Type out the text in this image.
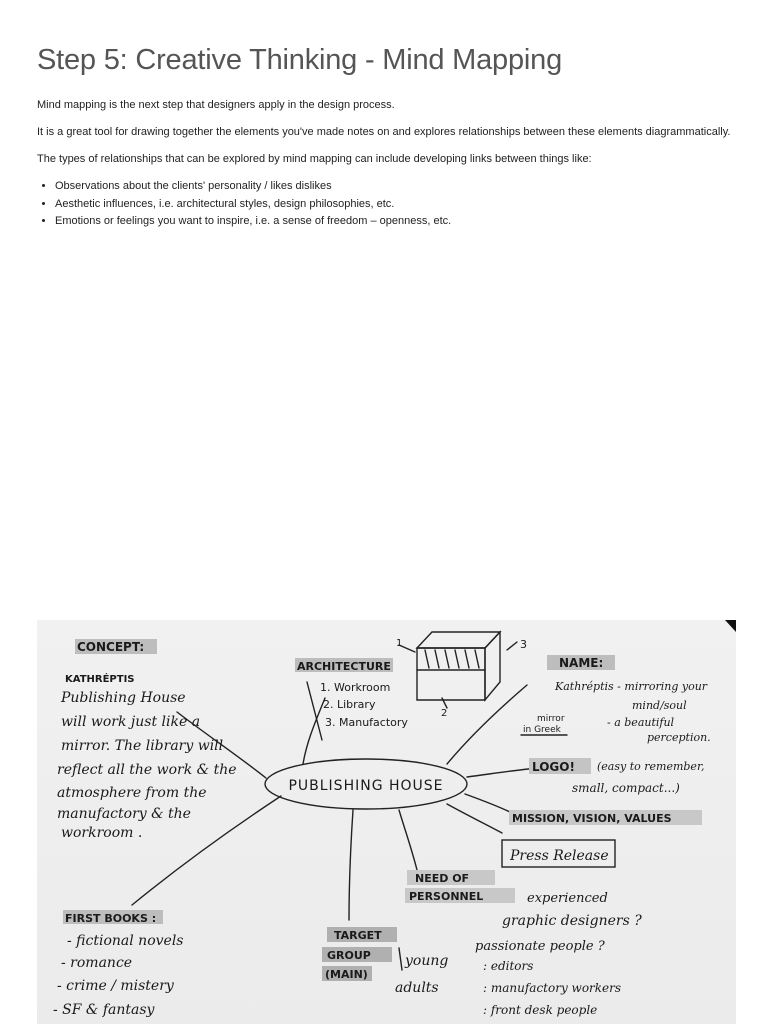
Step 5: Creative Thinking - Mind Mapping

Mind mapping is the next step that designers apply in the design process.

It is a great tool for drawing together the elements you've made notes on and explores relationships between these elements diagrammatically.

The types of relationships that can be explored by mind mapping can include developing links between things like:

• Observations about the clients' personality / likes dislikes
• Aesthetic influences, i.e. architectural styles, design philosophies, etc.
• Emotions or feelings you want to inspire, i.e. a sense of freedom – openness, etc.
PUBLISHING HOUSE
CONCEPT:
KATHRÉPTIS
Publishing House
will work just like a
mirror. The library will
reflect all the work & the
atmosphere from the
manufactory & the
workroom .
ARCHITECTURE
1. Workroom
2. Library
3. Manufactory
1
2
3
NAME:
Kathréptis - mirroring your
mind/soul
- a beautiful
perception.
mirror
in Greek
LOGO! (easy to remember,
small, compact...)
MISSION, VISION, VALUES
Press Release
NEED OF
PERSONNEL	experienced
graphic designers ?
passionate people ?
: editors
: manufactory workers
: front desk people
TARGET
GROUP
(MAIN)
young
adults
FIRST BOOKS :
- fictional novels
- romance
- crime / mistery
- SF & fantasy
